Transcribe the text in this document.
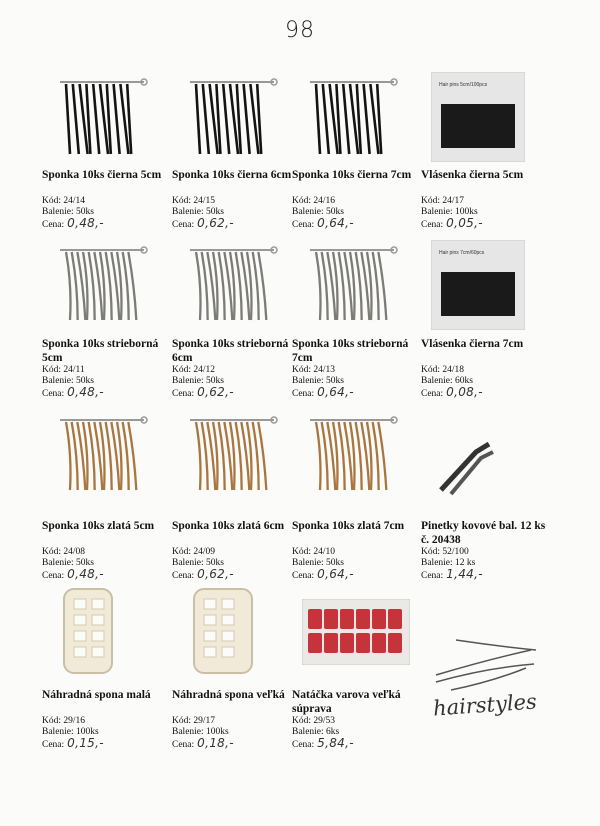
98
Sponka 10ks čierna 5cm
Kód: 24/14
Balenie: 50ks
Cena: 0,48,-
Sponka 10ks čierna 6cm
Kód: 24/15
Balenie: 50ks
Cena: 0,62,-
Sponka 10ks čierna 7cm
Kód: 24/16
Balenie: 50ks
Cena: 0,64,-
Hair pins 5cm/100pcs
Vlásenka čierna 5cm
Kód: 24/17
Balenie: 100ks
Cena: 0,05,-
Sponka 10ks strieborná 5cm
Kód: 24/11
Balenie: 50ks
Cena: 0,48,-
Sponka 10ks strieborná 6cm
Kód: 24/12
Balenie: 50ks
Cena: 0,62,-
Sponka 10ks strieborná 7cm
Kód: 24/13
Balenie: 50ks
Cena: 0,64,-
Hair pins 7cm/60pcs
Vlásenka čierna 7cm
Kód: 24/18
Balenie: 60ks
Cena: 0,08,-
Sponka 10ks zlatá 5cm
Kód: 24/08
Balenie: 50ks
Cena: 0,48,-
Sponka 10ks zlatá 6cm
Kód: 24/09
Balenie: 50ks
Cena: 0,62,-
Sponka 10ks zlatá 7cm
Kód: 24/10
Balenie: 50ks
Cena: 0,64,-
Pinetky kovové bal. 12 ks č. 20438
Kód: 52/100
Balenie: 12 ks
Cena: 1,44,-
Náhradná spona malá
Kód: 29/16
Balenie: 100ks
Cena: 0,15,-
Náhradná spona veľká
Kód: 29/17
Balenie: 100ks
Cena: 0,18,-
Natáčka varova veľká súprava
Kód: 29/53
Balenie: 6ks
Cena: 5,84,-
hairstyles
